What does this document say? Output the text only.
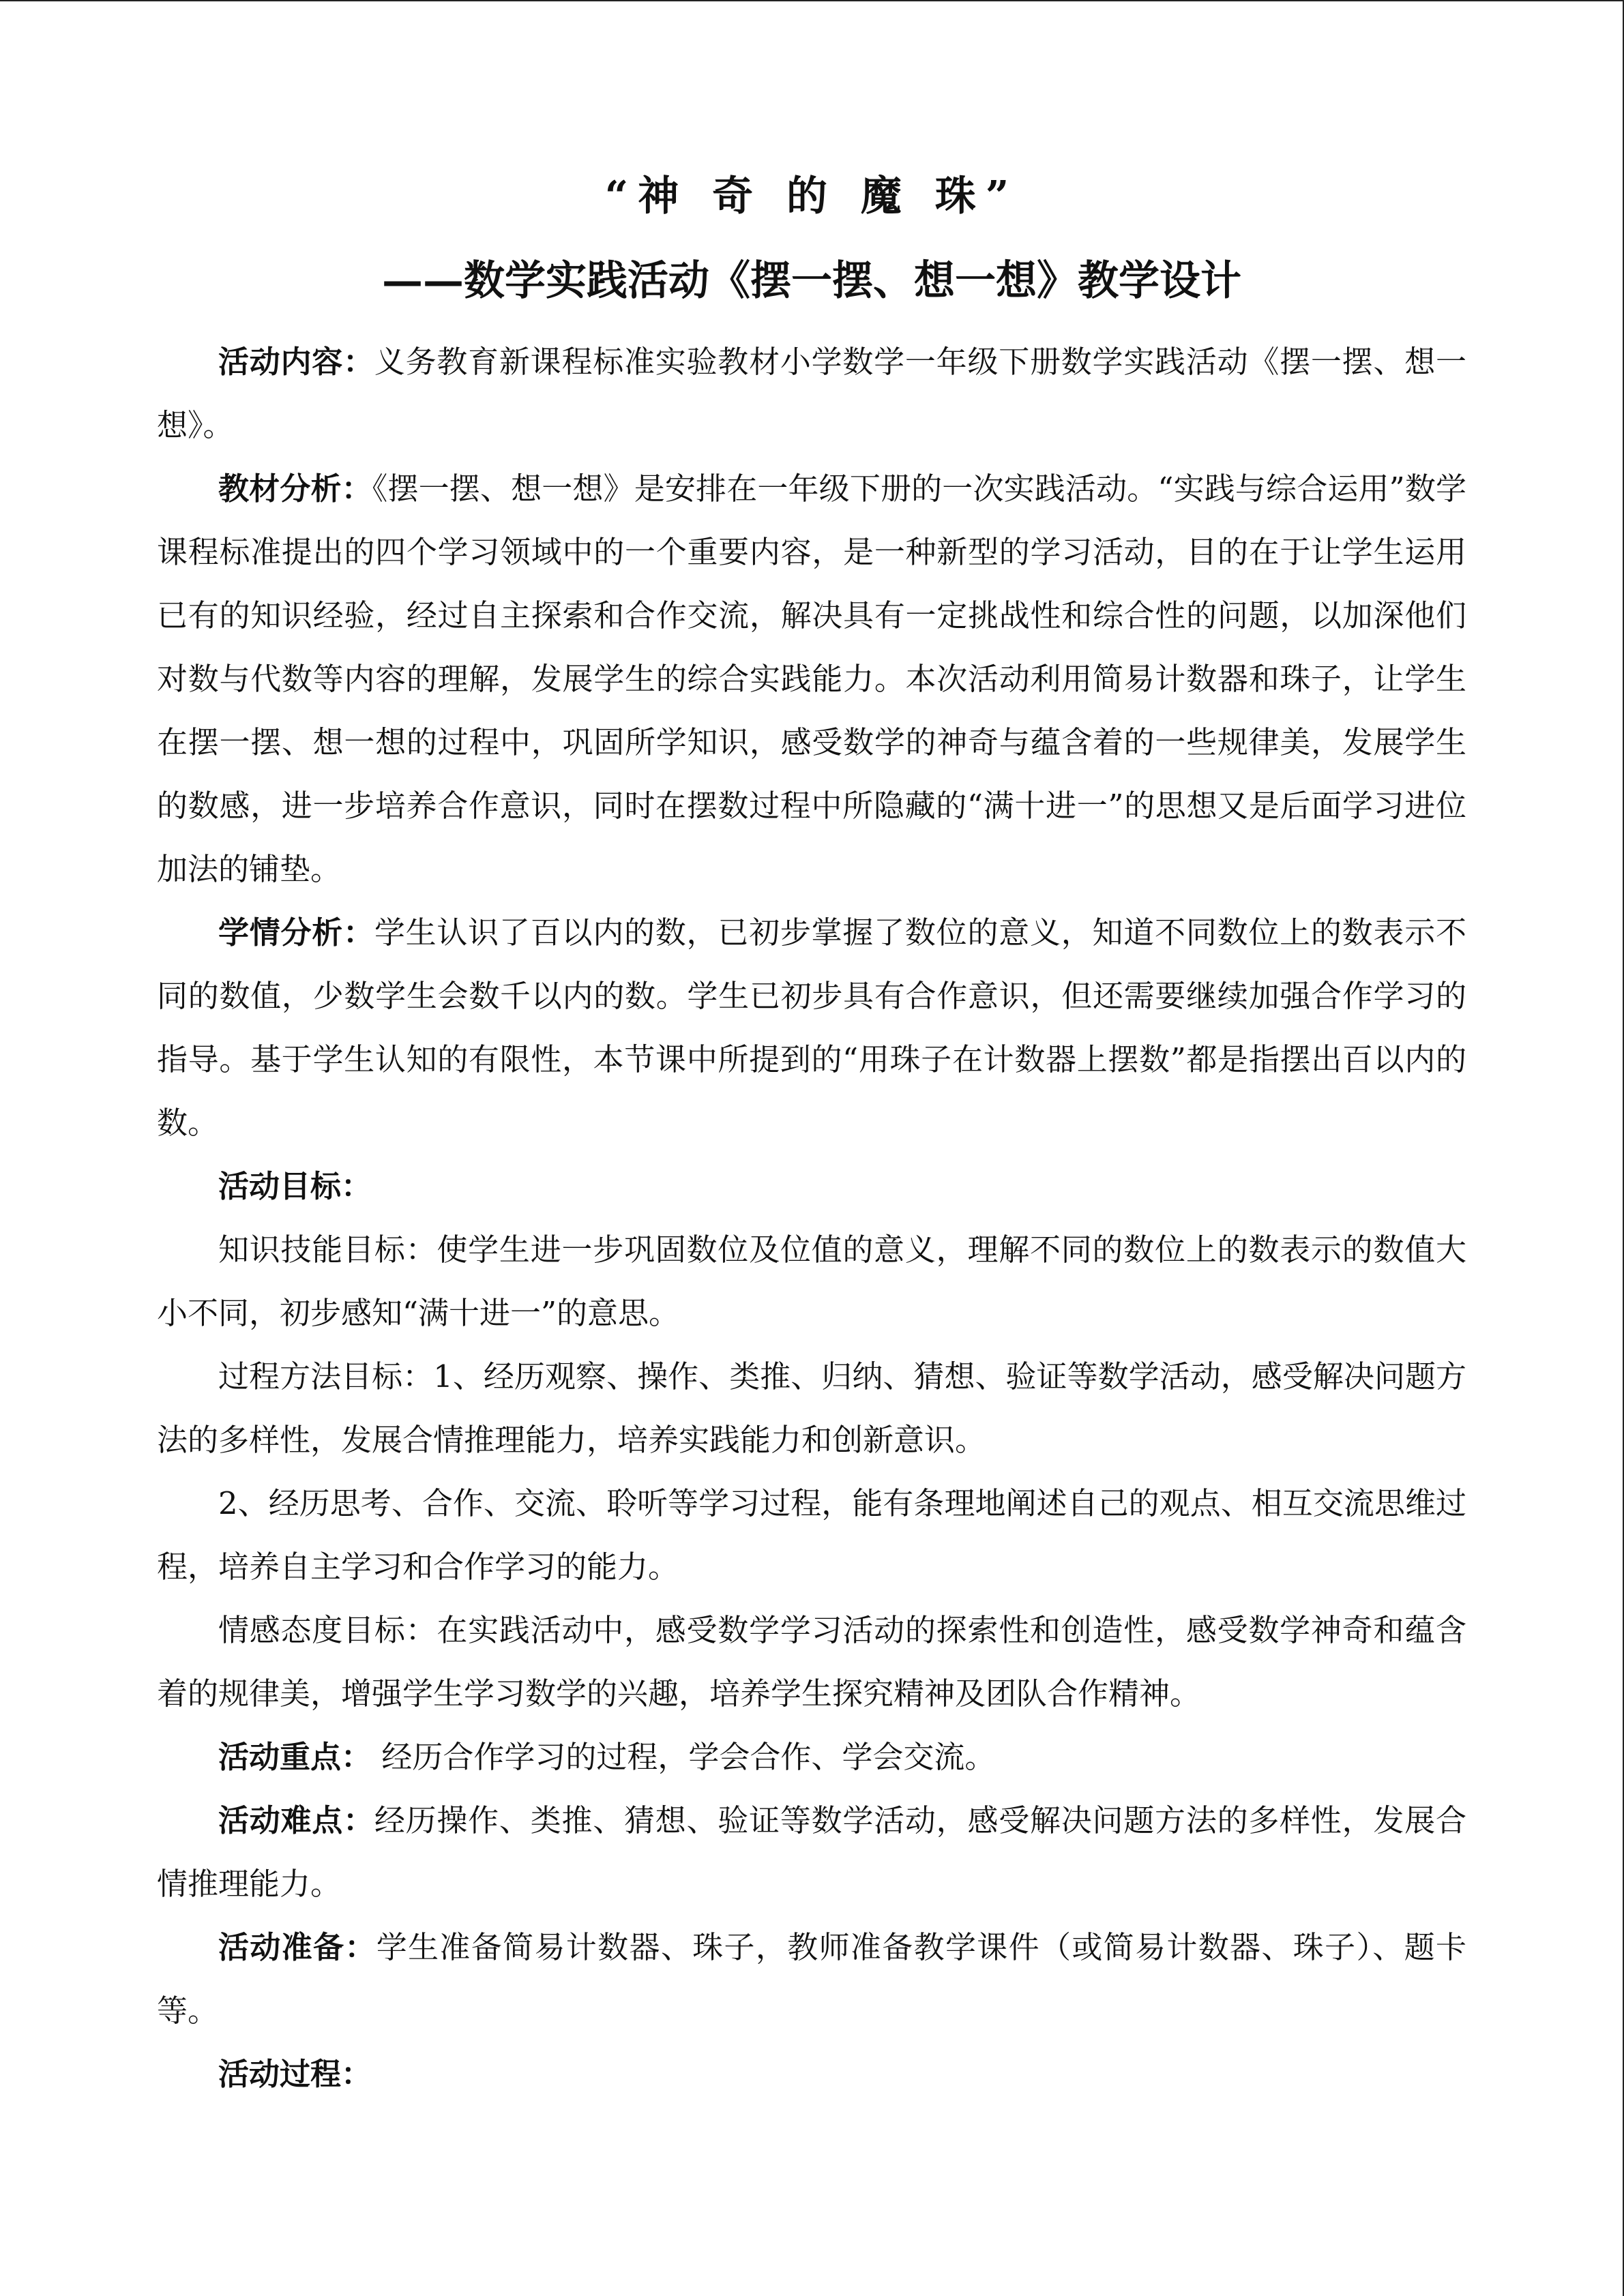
“神 奇 的 魔 珠”
——数学实践活动《摆一摆、想一想》教学设计

活动内容：义务教育新课程标准实验教材小学数学一年级下册数学实践活动《摆一摆、想一想》。

教材分析：《摆一摆、想一想》是安排在一年级下册的一次实践活动。“实践与综合运用”数学课程标准提出的四个学习领域中的一个重要内容，是一种新型的学习活动，目的在于让学生运用已有的知识经验，经过自主探索和合作交流，解决具有一定挑战性和综合性的问题，以加深他们对数与代数等内容的理解，发展学生的综合实践能力。本次活动利用简易计数器和珠子，让学生在摆一摆、想一想的过程中，巩固所学知识，感受数学的神奇与蕴含着的一些规律美，发展学生的数感，进一步培养合作意识，同时在摆数过程中所隐藏的“满十进一”的思想又是后面学习进位加法的铺垫。

学情分析：学生认识了百以内的数，已初步掌握了数位的意义，知道不同数位上的数表示不同的数值，少数学生会数千以内的数。学生已初步具有合作意识，但还需要继续加强合作学习的指导。基于学生认知的有限性，本节课中所提到的“用珠子在计数器上摆数”都是指摆出百以内的数。

活动目标：

知识技能目标：使学生进一步巩固数位及位值的意义，理解不同的数位上的数表示的数值大小不同，初步感知“满十进一”的意思。

过程方法目标：1、经历观察、操作、类推、归纳、猜想、验证等数学活动，感受解决问题方法的多样性，发展合情推理能力，培养实践能力和创新意识。

2、经历思考、合作、交流、聆听等学习过程，能有条理地阐述自己的观点、相互交流思维过程，培养自主学习和合作学习的能力。

情感态度目标：在实践活动中，感受数学学习活动的探索性和创造性，感受数学神奇和蕴含着的规律美，增强学生学习数学的兴趣，培养学生探究精神及团队合作精神。

活动重点： 经历合作学习的过程，学会合作、学会交流。

活动难点：经历操作、类推、猜想、验证等数学活动，感受解决问题方法的多样性，发展合情推理能力。

活动准备：学生准备简易计数器、珠子，教师准备教学课件（或简易计数器、珠子）、题卡等。

活动过程：
